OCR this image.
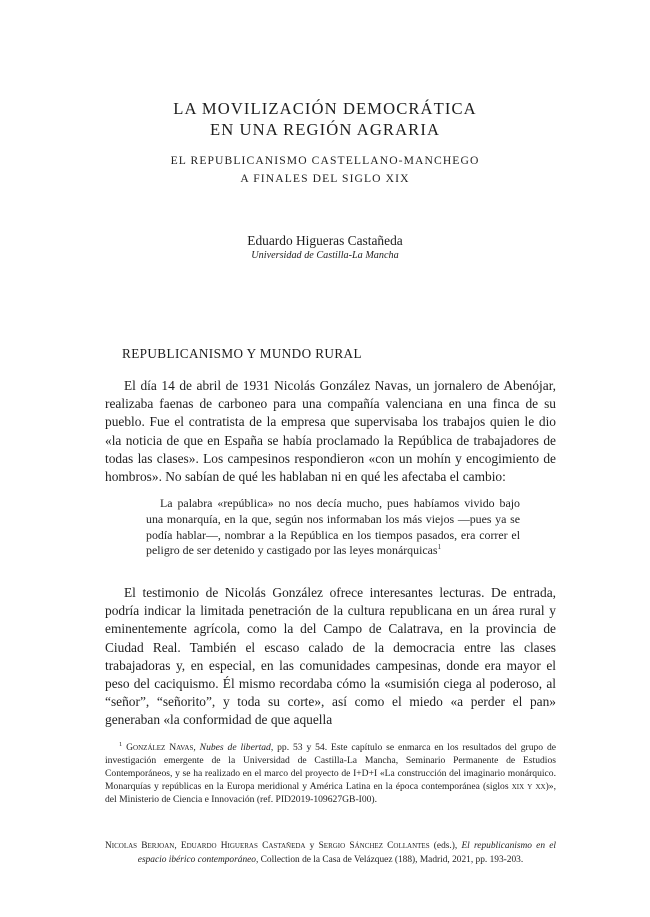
LA MOVILIZACIÓN DEMOCRÁTICA
EN UNA REGIÓN AGRARIA
EL REPUBLICANISMO CASTELLANO-MANCHEGO
A FINALES DEL SIGLO XIX
Eduardo Higueras Castañeda
Universidad de Castilla-La Mancha
REPUBLICANISMO Y MUNDO RURAL

El día 14 de abril de 1931 Nicolás González Navas, un jornalero de Abenójar, realizaba faenas de carboneo para una compañía valenciana en una finca de su pueblo. Fue el contratista de la empresa que supervisaba los trabajos quien le dio «la noticia de que en España se había proclamado la República de trabajadores de todas las clases». Los campesinos respondieron «con un mohín y encogimiento de hombros». No sabían de qué les hablaban ni en qué les afectaba el cambio:

La palabra «república» no nos decía mucho, pues habíamos vivido bajo una monarquía, en la que, según nos informaban los más viejos —pues ya se podía hablar—, nombrar a la República en los tiempos pasados, era correr el peligro de ser detenido y castigado por las leyes monárquicas$^1$

El testimonio de Nicolás González ofrece interesantes lecturas. De entrada, podría indicar la limitada penetración de la cultura republicana en un área rural y eminentemente agrícola, como la del Campo de Calatrava, en la provincia de Ciudad Real. También el escaso calado de la democracia entre las clases trabajadoras y, en especial, en las comunidades campesinas, donde era mayor el peso del caciquismo. Él mismo recordaba cómo la «sumisión ciega al poderoso, al “señor”, “señorito”, y toda su corte», así como el miedo «a perder el pan» generaban «la conformidad de que aquella

$^1$ González Navas, Nubes de libertad, pp. 53 y 54. Este capítulo se enmarca en los resultados del grupo de investigación emergente de la Universidad de Castilla-La Mancha, Seminario Permanente de Estudios Contemporáneos, y se ha realizado en el marco del proyecto de I+D+I «La construcción del imaginario monárquico. Monarquías y repúblicas en la Europa meridional y América Latina en la época contemporánea (siglos xix y xx)», del Ministerio de Ciencia e Innovación (ref. PID2019-109627GB-I00).

Nicolas Berjoan, Eduardo Higueras Castañeda y Sergio Sánchez Collantes (eds.), El republicanismo en el espacio ibérico contemporáneo, Collection de la Casa de Velázquez (188), Madrid, 2021, pp. 193-203.
